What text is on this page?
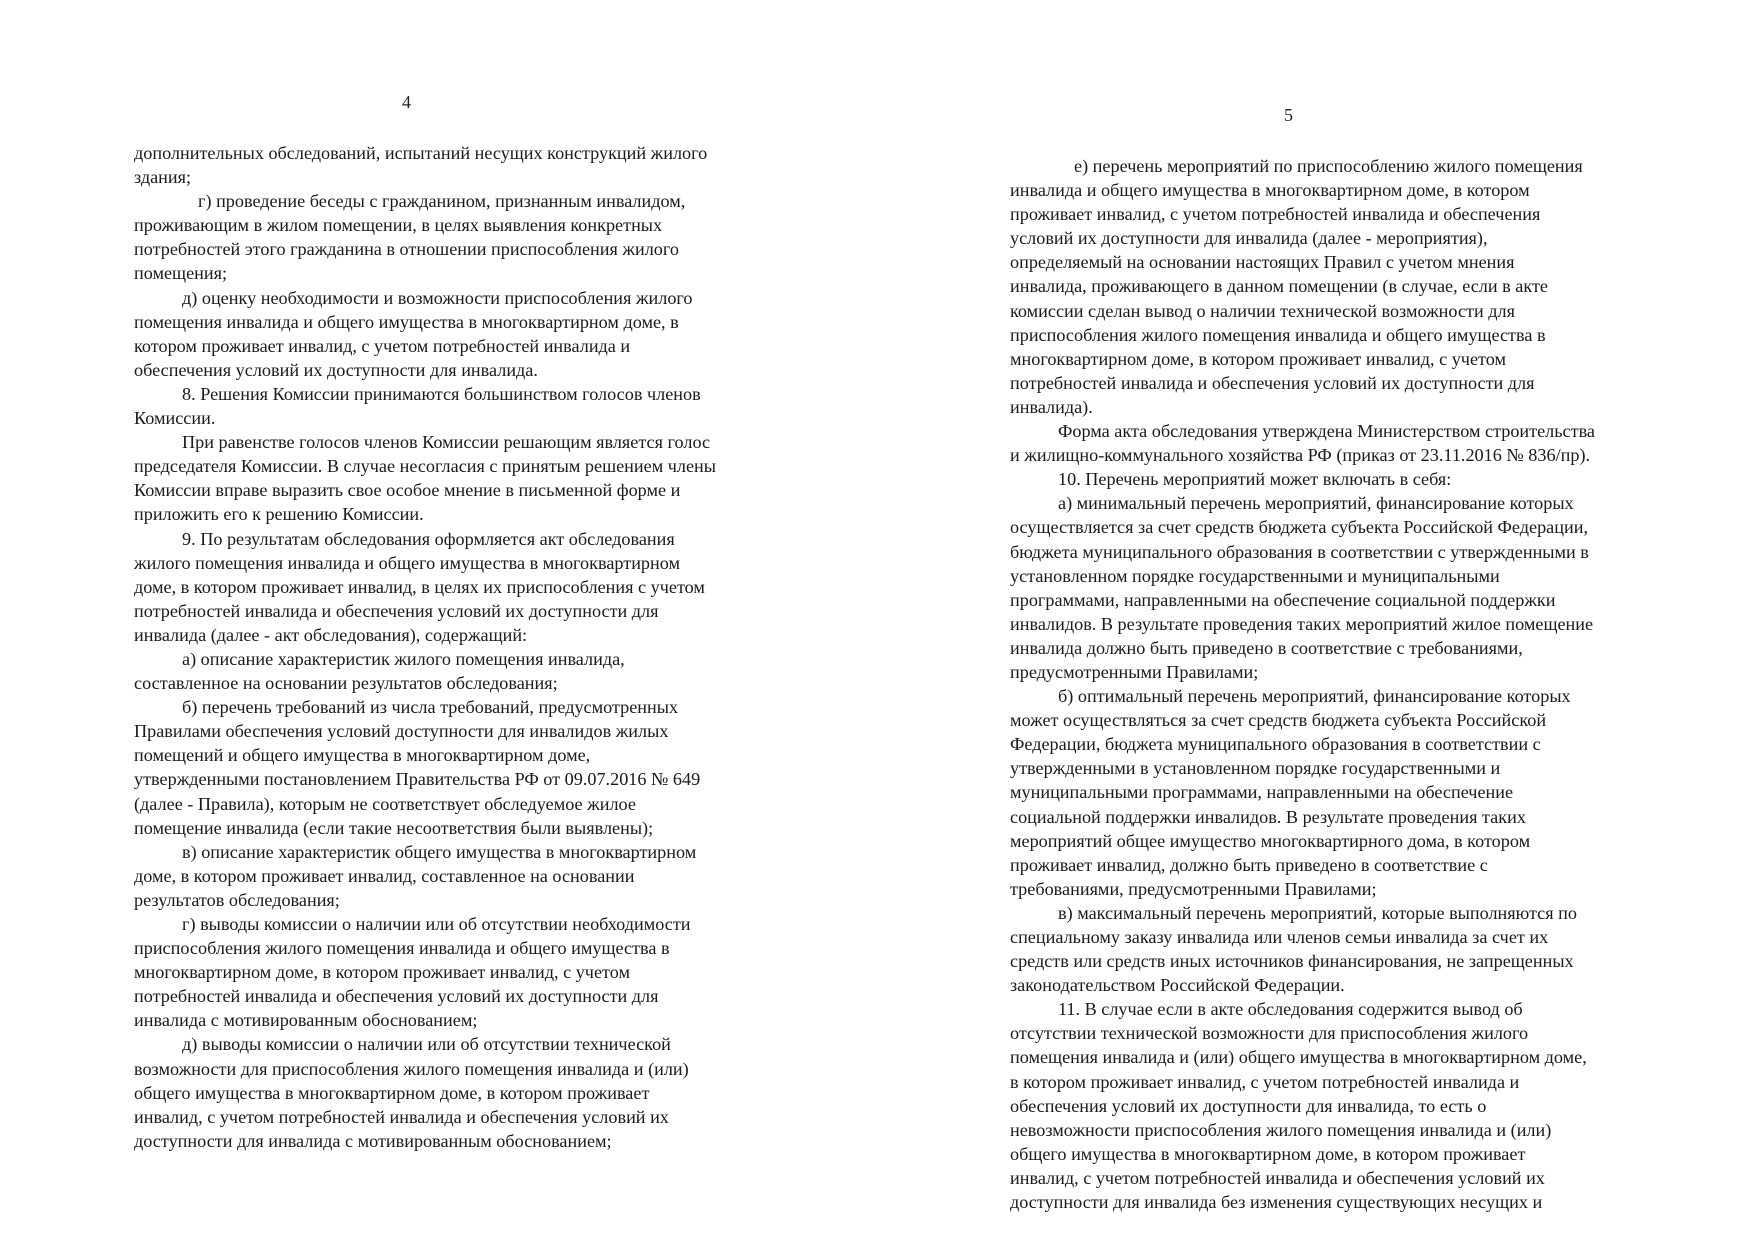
4
дополнительных обследований, испытаний несущих конструкций жилого
здания;
г) проведение беседы с гражданином, признанным инвалидом,
проживающим в жилом помещении, в целях выявления конкретных
потребностей этого гражданина в отношении приспособления жилого
помещения;
д) оценку необходимости и возможности приспособления жилого
помещения инвалида и общего имущества в многоквартирном доме, в
котором проживает инвалид, с учетом потребностей инвалида и
обеспечения условий их доступности для инвалида.
8. Решения Комиссии принимаются большинством голосов членов
Комиссии.
При равенстве голосов членов Комиссии решающим является голос
председателя Комиссии. В случае несогласия с принятым решением члены
Комиссии вправе выразить свое особое мнение в письменной форме и
приложить его к решению Комиссии.
9. По результатам обследования оформляется акт обследования
жилого помещения инвалида и общего имущества в многоквартирном
доме, в котором проживает инвалид, в целях их приспособления с учетом
потребностей инвалида и обеспечения условий их доступности для
инвалида (далее - акт обследования), содержащий:
а) описание характеристик жилого помещения инвалида,
составленное на основании результатов обследования;
б) перечень требований из числа требований, предусмотренных
Правилами обеспечения условий доступности для инвалидов жилых
помещений и общего имущества в многоквартирном доме,
утвержденными постановлением Правительства РФ от 09.07.2016 № 649
(далее - Правила), которым не соответствует обследуемое жилое
помещение инвалида (если такие несоответствия были выявлены);
в) описание характеристик общего имущества в многоквартирном
доме, в котором проживает инвалид, составленное на основании
результатов обследования;
г) выводы комиссии о наличии или об отсутствии необходимости
приспособления жилого помещения инвалида и общего имущества в
многоквартирном доме, в котором проживает инвалид, с учетом
потребностей инвалида и обеспечения условий их доступности для
инвалида с мотивированным обоснованием;
д) выводы комиссии о наличии или об отсутствии технической
возможности для приспособления жилого помещения инвалида и (или)
общего имущества в многоквартирном доме, в котором проживает
инвалид, с учетом потребностей инвалида и обеспечения условий их
доступности для инвалида с мотивированным обоснованием;
5
е) перечень мероприятий по приспособлению жилого помещения
инвалида и общего имущества в многоквартирном доме, в котором
проживает инвалид, с учетом потребностей инвалида и обеспечения
условий их доступности для инвалида (далее - мероприятия),
определяемый на основании настоящих Правил с учетом мнения
инвалида, проживающего в данном помещении (в случае, если в акте
комиссии сделан вывод о наличии технической возможности для
приспособления жилого помещения инвалида и общего имущества в
многоквартирном доме, в котором проживает инвалид, с учетом
потребностей инвалида и обеспечения условий их доступности для
инвалида).
Форма акта обследования утверждена Министерством строительства
и жилищно-коммунального хозяйства РФ (приказ от 23.11.2016 № 836/пр).
10. Перечень мероприятий может включать в себя:
а) минимальный перечень мероприятий, финансирование которых
осуществляется за счет средств бюджета субъекта Российской Федерации,
бюджета муниципального образования в соответствии с утвержденными в
установленном порядке государственными и муниципальными
программами, направленными на обеспечение социальной поддержки
инвалидов. В результате проведения таких мероприятий жилое помещение
инвалида должно быть приведено в соответствие с требованиями,
предусмотренными Правилами;
б) оптимальный перечень мероприятий, финансирование которых
может осуществляться за счет средств бюджета субъекта Российской
Федерации, бюджета муниципального образования в соответствии с
утвержденными в установленном порядке государственными и
муниципальными программами, направленными на обеспечение
социальной поддержки инвалидов. В результате проведения таких
мероприятий общее имущество многоквартирного дома, в котором
проживает инвалид, должно быть приведено в соответствие с
требованиями, предусмотренными Правилами;
в) максимальный перечень мероприятий, которые выполняются по
специальному заказу инвалида или членов семьи инвалида за счет их
средств или средств иных источников финансирования, не запрещенных
законодательством Российской Федерации.
11. В случае если в акте обследования содержится вывод об
отсутствии технической возможности для приспособления жилого
помещения инвалида и (или) общего имущества в многоквартирном доме,
в котором проживает инвалид, с учетом потребностей инвалида и
обеспечения условий их доступности для инвалида, то есть о
невозможности приспособления жилого помещения инвалида и (или)
общего имущества в многоквартирном доме, в котором проживает
инвалид, с учетом потребностей инвалида и обеспечения условий их
доступности для инвалида без изменения существующих несущих и
